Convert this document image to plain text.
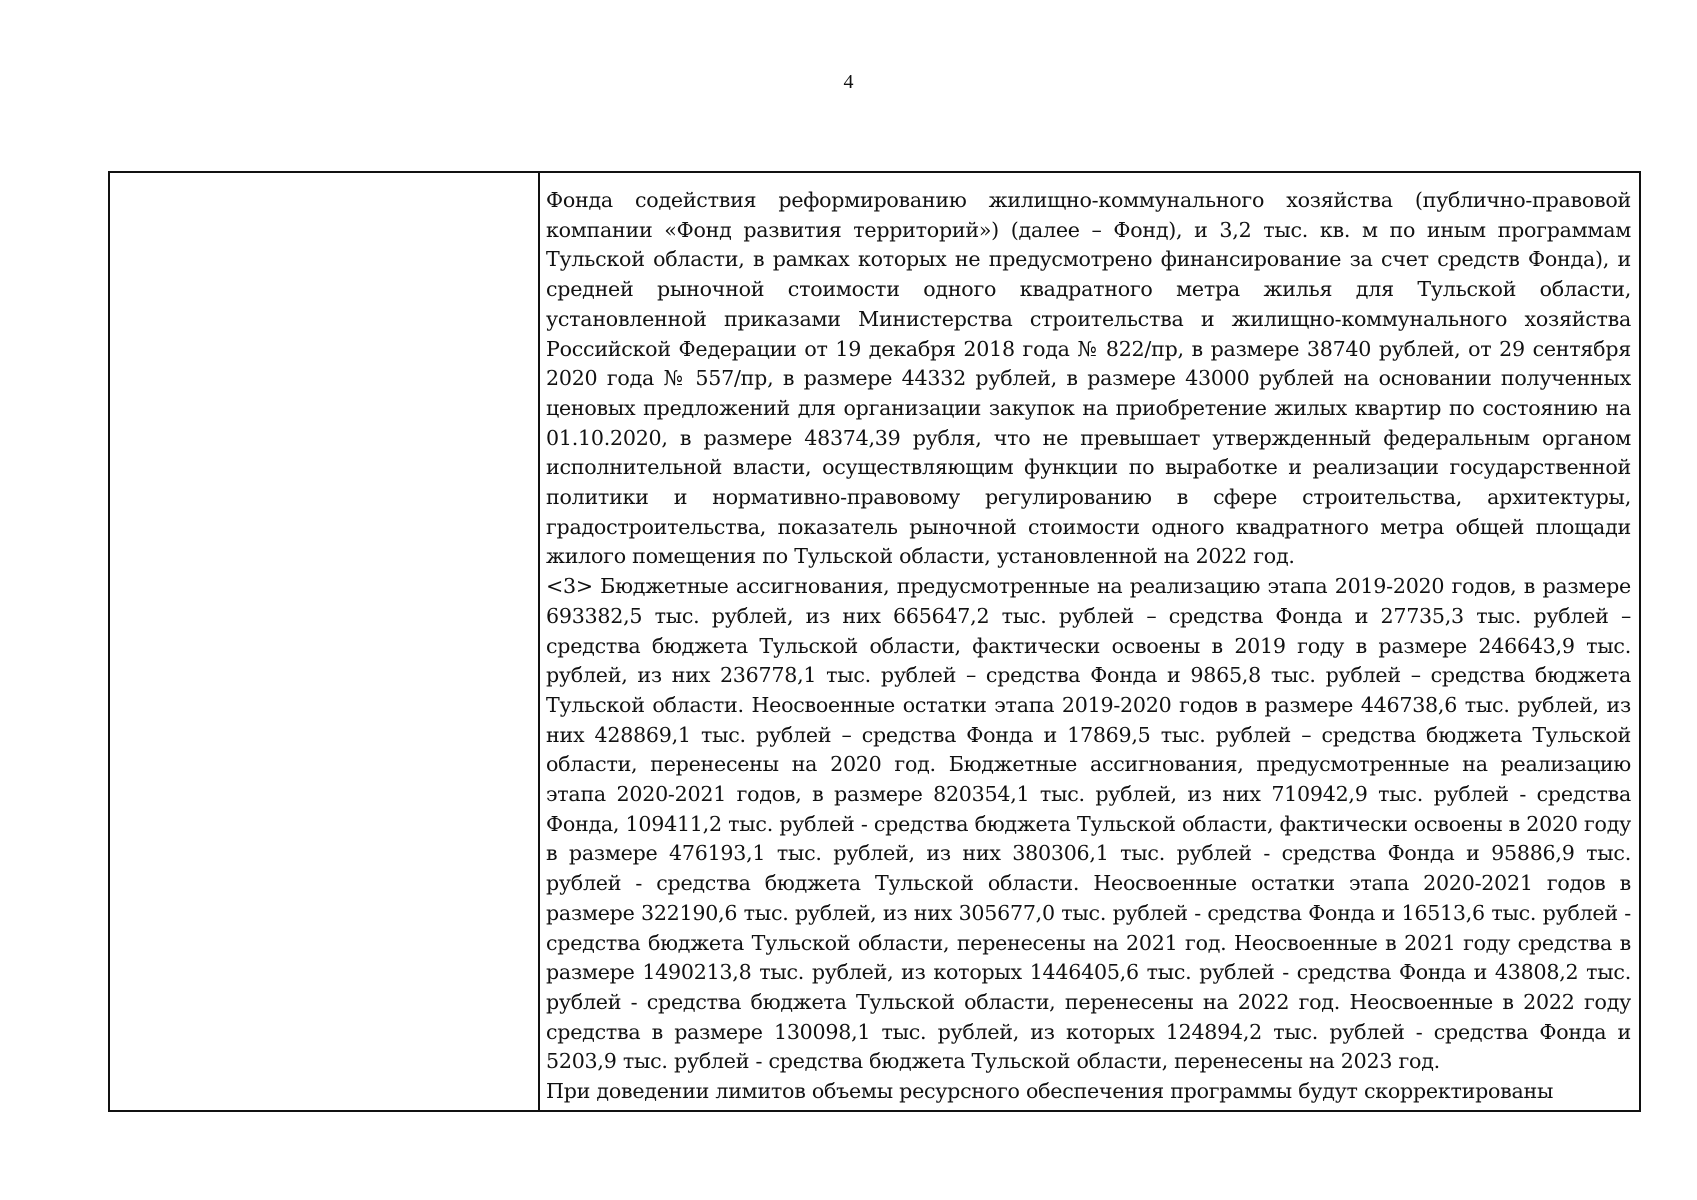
4

Фонда содействия реформированию жилищно-коммунального хозяйства (публично-правовой компании «Фонд развития территорий») (далее – Фонд), и 3,2 тыс. кв. м по иным программам Тульской области, в рамках которых не предусмотрено финансирование за счет средств Фонда), и средней рыночной стоимости одного квадратного метра жилья для Тульской области, установленной приказами Министерства строительства и жилищно-коммунального хозяйства Российской Федерации от 19 декабря 2018 года № 822/пр, в размере 38740 рублей, от 29 сентября 2020 года № 557/пр, в размере 44332 рублей, в размере 43000 рублей на основании полученных ценовых предложений для организации закупок на приобретение жилых квартир по состоянию на 01.10.2020, в размере 48374,39 рубля, что не превышает утвержденный федеральным органом исполнительной власти, осуществляющим функции по выработке и реализации государственной политики и нормативно-правовому регулированию в сфере строительства, архитектуры, градостроительства, показатель рыночной стоимости одного квадратного метра общей площади жилого помещения по Тульской области, установленной на 2022 год.

<3> Бюджетные ассигнования, предусмотренные на реализацию этапа 2019-2020 годов, в размере 693382,5 тыс. рублей, из них 665647,2 тыс. рублей – средства Фонда и 27735,3 тыс. рублей – средства бюджета Тульской области, фактически освоены в 2019 году в размере 246643,9 тыс. рублей, из них 236778,1 тыс. рублей – средства Фонда и 9865,8 тыс. рублей – средства бюджета Тульской области. Неосвоенные остатки этапа 2019-2020 годов в размере 446738,6 тыс. рублей, из них 428869,1 тыс. рублей – средства Фонда и 17869,5 тыс. рублей – средства бюджета Тульской области, перенесены на 2020 год. Бюджетные ассигнования, предусмотренные на реализацию этапа 2020-2021 годов, в размере 820354,1 тыс. рублей, из них 710942,9 тыс. рублей - средства Фонда, 109411,2 тыс. рублей - средства бюджета Тульской области, фактически освоены в 2020 году в размере 476193,1 тыс. рублей, из них 380306,1 тыс. рублей - средства Фонда и 95886,9 тыс. рублей - средства бюджета Тульской области. Неосвоенные остатки этапа 2020-2021 годов в размере 322190,6 тыс. рублей, из них 305677,0 тыс. рублей - средства Фонда и 16513,6 тыс. рублей - средства бюджета Тульской области, перенесены на 2021 год. Неосвоенные в 2021 году средства в размере 1490213,8 тыс. рублей, из которых 1446405,6 тыс. рублей - средства Фонда и 43808,2 тыс. рублей - средства бюджета Тульской области, перенесены на 2022 год. Неосвоенные в 2022 году средства в размере 130098,1 тыс. рублей, из которых 124894,2 тыс. рублей - средства Фонда и 5203,9 тыс. рублей - средства бюджета Тульской области, перенесены на 2023 год.

При доведении лимитов объемы ресурсного обеспечения программы будут скорректированы
